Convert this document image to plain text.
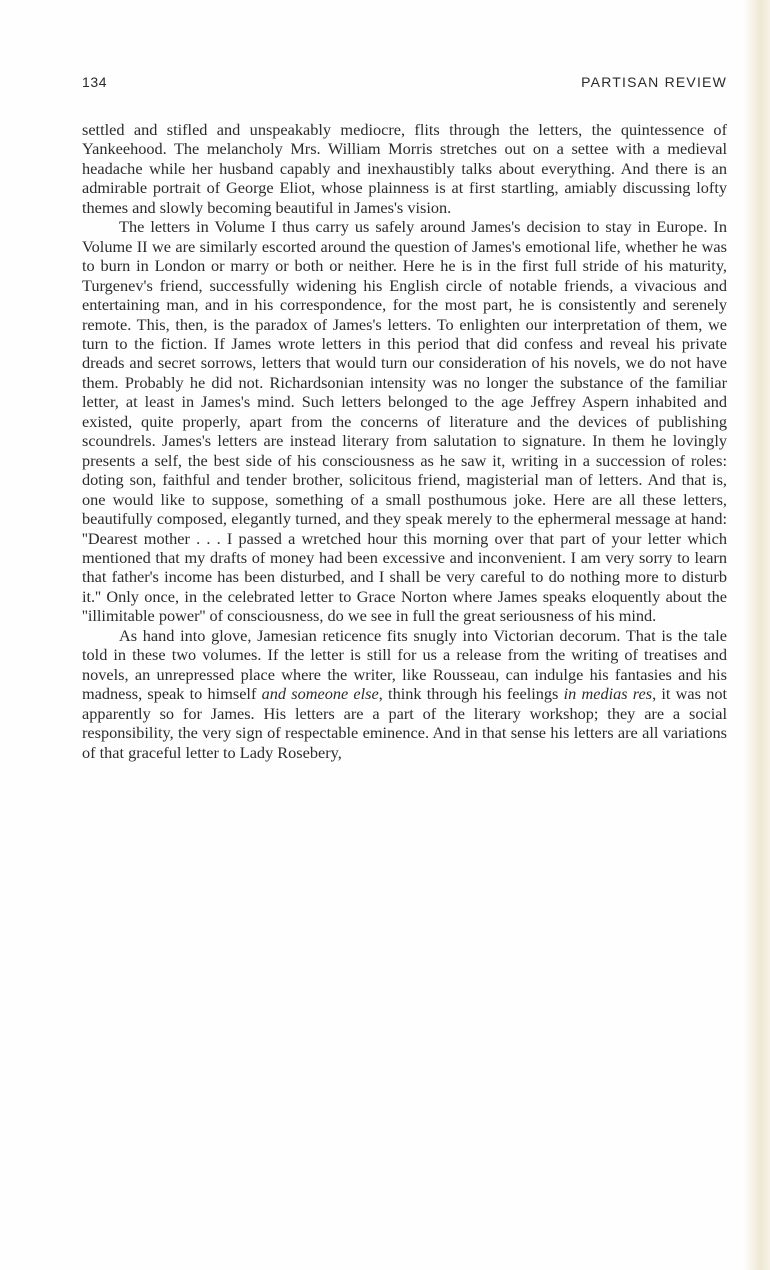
134	PARTISAN REVIEW

settled and stifled and unspeakably mediocre, flits through the letters, the quintessence of Yankeehood. The melancholy Mrs. William Morris stretches out on a settee with a medieval headache while her husband capably and inexhaustibly talks about everything. And there is an admirable portrait of George Eliot, whose plainness is at first startling, amiably discussing lofty themes and slowly becoming beautiful in James's vision.

The letters in Volume I thus carry us safely around James's decision to stay in Europe. In Volume II we are similarly escorted around the question of James's emotional life, whether he was to burn in London or marry or both or neither. Here he is in the first full stride of his maturity, Turgenev's friend, successfully widening his English circle of notable friends, a vivacious and entertaining man, and in his correspondence, for the most part, he is consistently and serenely remote. This, then, is the paradox of James's letters. To enlighten our interpretation of them, we turn to the fiction. If James wrote letters in this period that did confess and reveal his private dreads and secret sorrows, letters that would turn our consideration of his novels, we do not have them. Probably he did not. Richardsonian intensity was no longer the substance of the familiar letter, at least in James's mind. Such letters belonged to the age Jeffrey Aspern inhabited and existed, quite properly, apart from the concerns of literature and the devices of publishing scoundrels. James's letters are instead literary from salutation to signature. In them he lovingly presents a self, the best side of his consciousness as he saw it, writing in a succession of roles: doting son, faithful and tender brother, solicitous friend, magisterial man of letters. And that is, one would like to suppose, something of a small posthumous joke. Here are all these letters, beautifully composed, elegantly turned, and they speak merely to the ephermeral message at hand: ''Dearest mother . . . I passed a wretched hour this morning over that part of your letter which mentioned that my drafts of money had been excessive and inconvenient. I am very sorry to learn that father's income has been disturbed, and I shall be very careful to do nothing more to disturb it.'' Only once, in the celebrated letter to Grace Norton where James speaks eloquently about the ''illimitable power'' of consciousness, do we see in full the great seriousness of his mind.

As hand into glove, Jamesian reticence fits snugly into Victorian decorum. That is the tale told in these two volumes. If the letter is still for us a release from the writing of treatises and novels, an unrepressed place where the writer, like Rousseau, can indulge his fantasies and his madness, speak to himself and someone else, think through his feelings in medias res, it was not apparently so for James. His letters are a part of the literary workshop; they are a social responsibility, the very sign of respectable eminence. And in that sense his letters are all variations of that graceful letter to Lady Rosebery,
